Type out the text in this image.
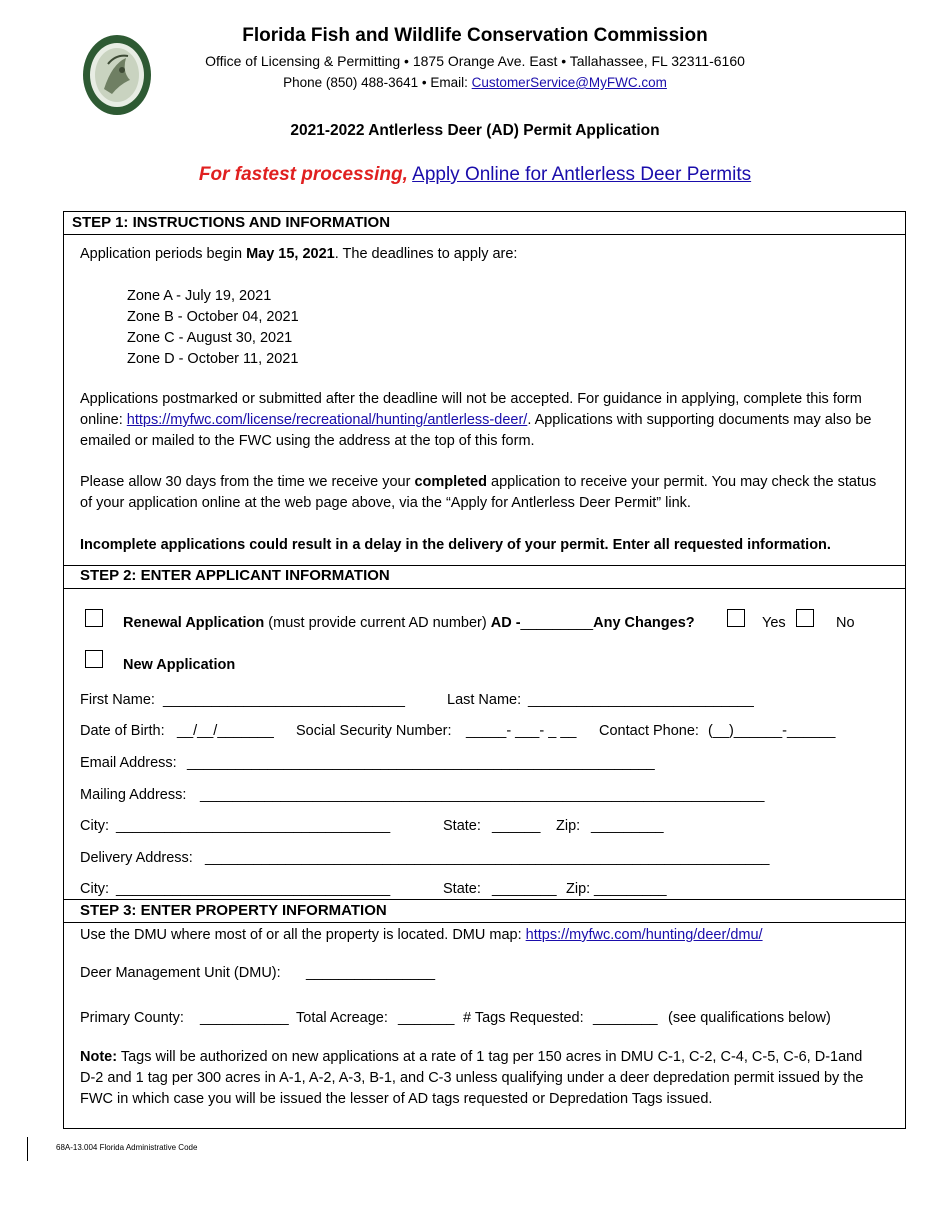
Florida Fish and Wildlife Conservation Commission
Office of Licensing & Permitting • 1875 Orange Ave. East • Tallahassee, FL 32311-6160
Phone (850) 488-3641 • Email: CustomerService@MyFWC.com
2021-2022 Antlerless Deer (AD) Permit Application
For fastest processing, Apply Online for Antlerless Deer Permits
STEP 1: INSTRUCTIONS AND INFORMATION
Application periods begin May 15, 2021. The deadlines to apply are:
Zone A - July 19, 2021
Zone B - October 04, 2021
Zone C - August 30, 2021
Zone D - October 11, 2021
Applications postmarked or submitted after the deadline will not be accepted. For guidance in applying, complete this form online: https://myfwc.com/license/recreational/hunting/antlerless-deer/. Applications with supporting documents may also be emailed or mailed to the FWC using the address at the top of this form.
Please allow 30 days from the time we receive your completed application to receive your permit. You may check the status of your application online at the web page above, via the “Apply for Antlerless Deer Permit” link.
Incomplete applications could result in a delay in the delivery of your permit. Enter all requested information.
STEP 2: ENTER APPLICANT INFORMATION
Renewal Application (must provide current AD number) AD -_________Any Changes?	Yes	No
New Application
First Name: ______________________________	Last Name: ____________________________
Date of Birth: __/__/_______ Social Security Number: _____- ___- _ __ Contact Phone: (__)______-______
Email Address: __________________________________________________________
Mailing Address: ______________________________________________________________________
City: __________________________________	State: ______ Zip: _________
Delivery Address: ______________________________________________________________________
City: __________________________________	State: ________ Zip: _________
STEP 3: ENTER PROPERTY INFORMATION
Use the DMU where most of or all the property is located. DMU map: https://myfwc.com/hunting/deer/dmu/
Deer Management Unit (DMU): ________________
Primary County: ___________ Total Acreage: _______ # Tags Requested: ________ (see qualifications below)
Note: Tags will be authorized on new applications at a rate of 1 tag per 150 acres in DMU C-1, C-2, C-4, C-5, C-6, D-1and D-2 and 1 tag per 300 acres in A-1, A-2, A-3, B-1, and C-3 unless qualifying under a deer depredation permit issued by the FWC in which case you will be issued the lesser of AD tags requested or Depredation Tags issued.
68A-13.004 Florida Administrative Code
